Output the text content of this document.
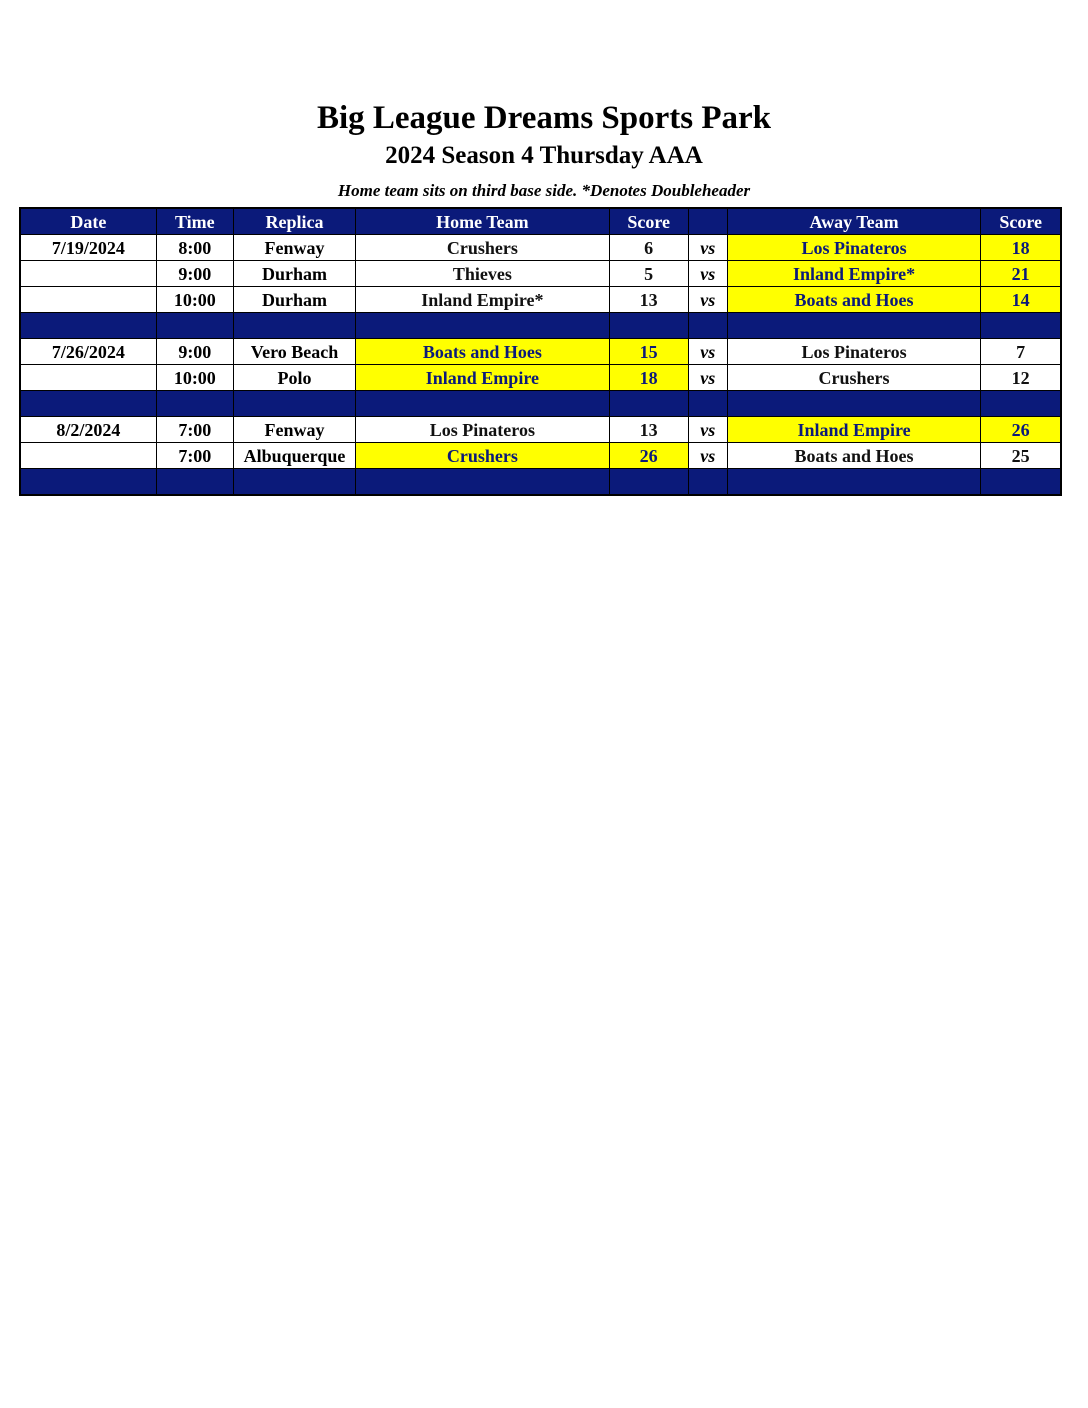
Big League Dreams Sports Park
2024 Season 4 Thursday AAA
Home team sits on third base side. *Denotes Doubleheader
Date	Time	Replica	Home Team	Score		Away Team	Score
7/19/2024	8:00	Fenway	Crushers	6	vs	Los Pinateros	18
	9:00	Durham	Thieves	5	vs	Inland Empire*	21
	10:00	Durham	Inland Empire*	13	vs	Boats and Hoes	14

7/26/2024	9:00	Vero Beach	Boats and Hoes	15	vs	Los Pinateros	7
	10:00	Polo	Inland Empire	18	vs	Crushers	12

8/2/2024	7:00	Fenway	Los Pinateros	13	vs	Inland Empire	26
	7:00	Albuquerque	Crushers	26	vs	Boats and Hoes	25
